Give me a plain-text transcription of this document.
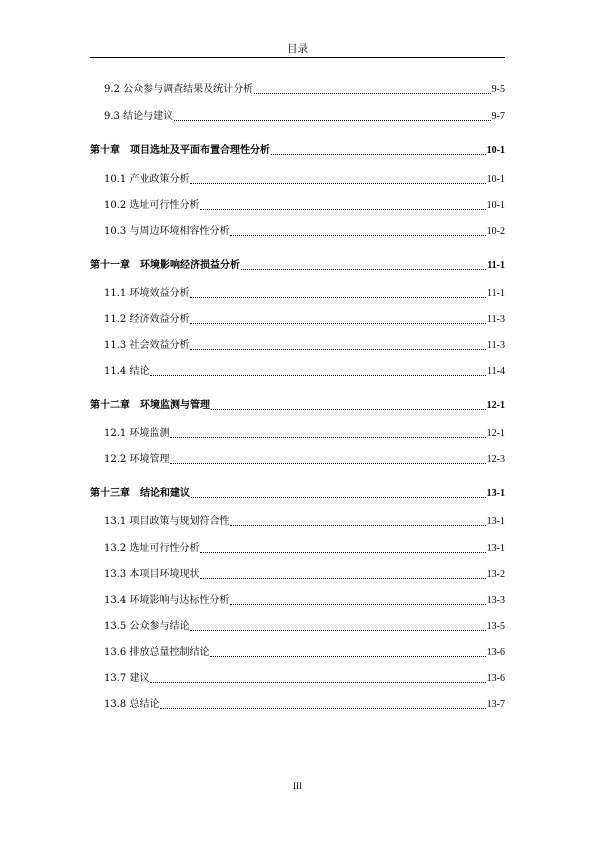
目录
9.2 公众参与调查结果及统计分析	9-5
9.3 结论与建议	9-7
第十章　项目选址及平面布置合理性分析	10-1
10.1 产业政策分析	10-1
10.2 选址可行性分析	10-1
10.3 与周边环境相容性分析	10-2
第十一章　环境影响经济损益分析	11-1
11.1 环境效益分析	11-1
11.2 经济效益分析	11-3
11.3 社会效益分析	11-3
11.4 结论	11-4
第十二章　环境监测与管理	12-1
12.1 环境监测	12-1
12.2 环境管理	12-3
第十三章　结论和建议	13-1
13.1 项目政策与规划符合性	13-1
13.2 选址可行性分析	13-1
13.3 本项目环境现状	13-2
13.4 环境影响与达标性分析	13-3
13.5 公众参与结论	13-5
13.6 排放总量控制结论	13-6
13.7 建议	13-6
13.8 总结论	13-7
III
